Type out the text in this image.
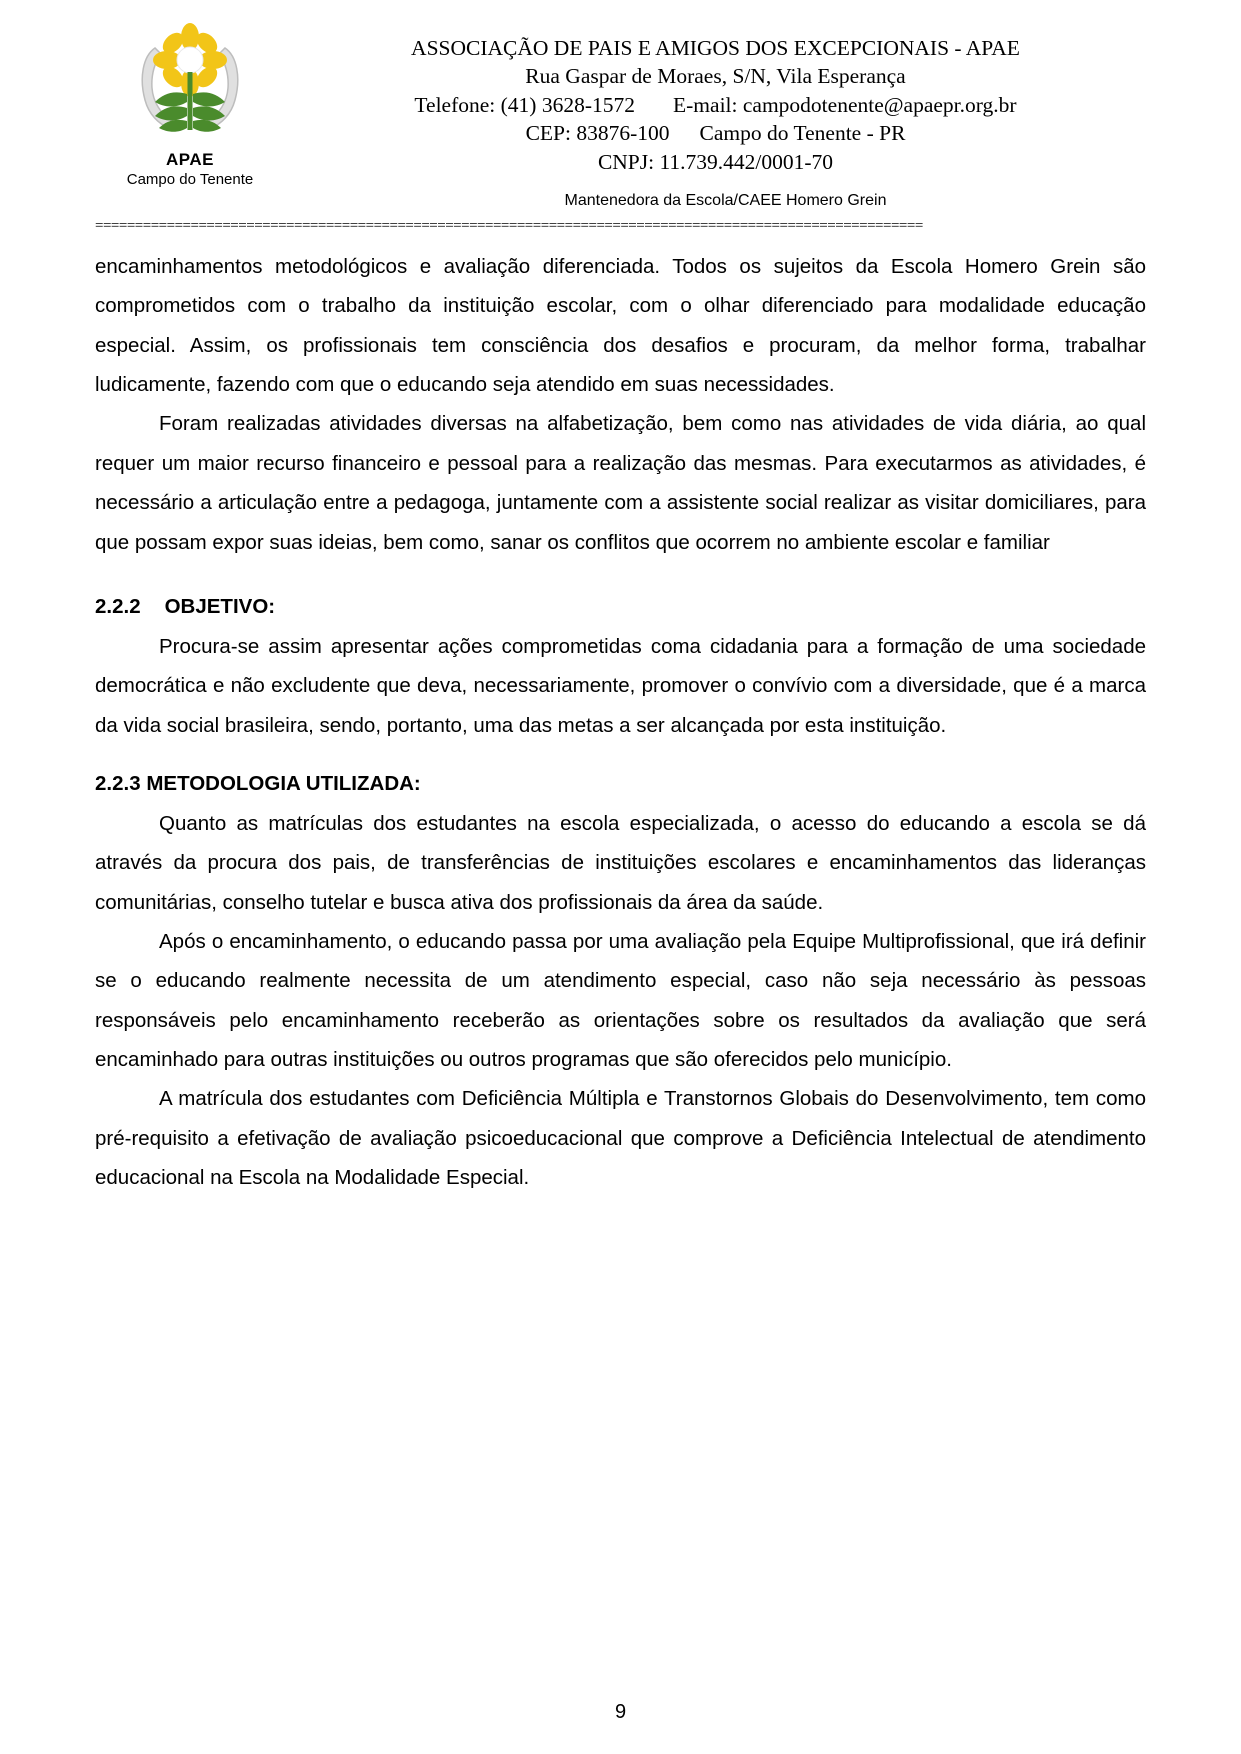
APAE
Campo do Tenente
ASSOCIAÇÃO DE PAIS E AMIGOS DOS EXCEPCIONAIS - APAE
Rua Gaspar de Moraes, S/N, Vila Esperança
Telefone: (41) 3628-1572 E-mail: campodotenente@apaepr.org.br
CEP: 83876-100 Campo do Tenente - PR
CNPJ: 11.739.442/0001-70
Mantenedora da Escola/CAEE Homero Grein
========================================================================================================

encaminhamentos metodológicos e avaliação diferenciada. Todos os sujeitos da Escola Homero Grein são comprometidos com o trabalho da instituição escolar, com o olhar diferenciado para modalidade educação especial. Assim, os profissionais tem consciência dos desafios e procuram, da melhor forma, trabalhar ludicamente, fazendo com que o educando seja atendido em suas necessidades.

Foram realizadas atividades diversas na alfabetização, bem como nas atividades de vida diária, ao qual requer um maior recurso financeiro e pessoal para a realização das mesmas. Para executarmos as atividades, é necessário a articulação entre a pedagoga, juntamente com a assistente social realizar as visitar domiciliares, para que possam expor suas ideias, bem como, sanar os conflitos que ocorrem no ambiente escolar e familiar

2.2.2 OBJETIVO:

Procura-se assim apresentar ações comprometidas coma cidadania para a formação de uma sociedade democrática e não excludente que deva, necessariamente, promover o convívio com a diversidade, que é a marca da vida social brasileira, sendo, portanto, uma das metas a ser alcançada por esta instituição.

2.2.3 METODOLOGIA UTILIZADA:

Quanto as matrículas dos estudantes na escola especializada, o acesso do educando a escola se dá através da procura dos pais, de transferências de instituições escolares e encaminhamentos das lideranças comunitárias, conselho tutelar e busca ativa dos profissionais da área da saúde.

Após o encaminhamento, o educando passa por uma avaliação pela Equipe Multiprofissional, que irá definir se o educando realmente necessita de um atendimento especial, caso não seja necessário às pessoas responsáveis pelo encaminhamento receberão as orientações sobre os resultados da avaliação que será encaminhado para outras instituições ou outros programas que são oferecidos pelo município.

A matrícula dos estudantes com Deficiência Múltipla e Transtornos Globais do Desenvolvimento, tem como pré-requisito a efetivação de avaliação psicoeducacional que comprove a Deficiência Intelectual de atendimento educacional na Escola na Modalidade Especial.

9
